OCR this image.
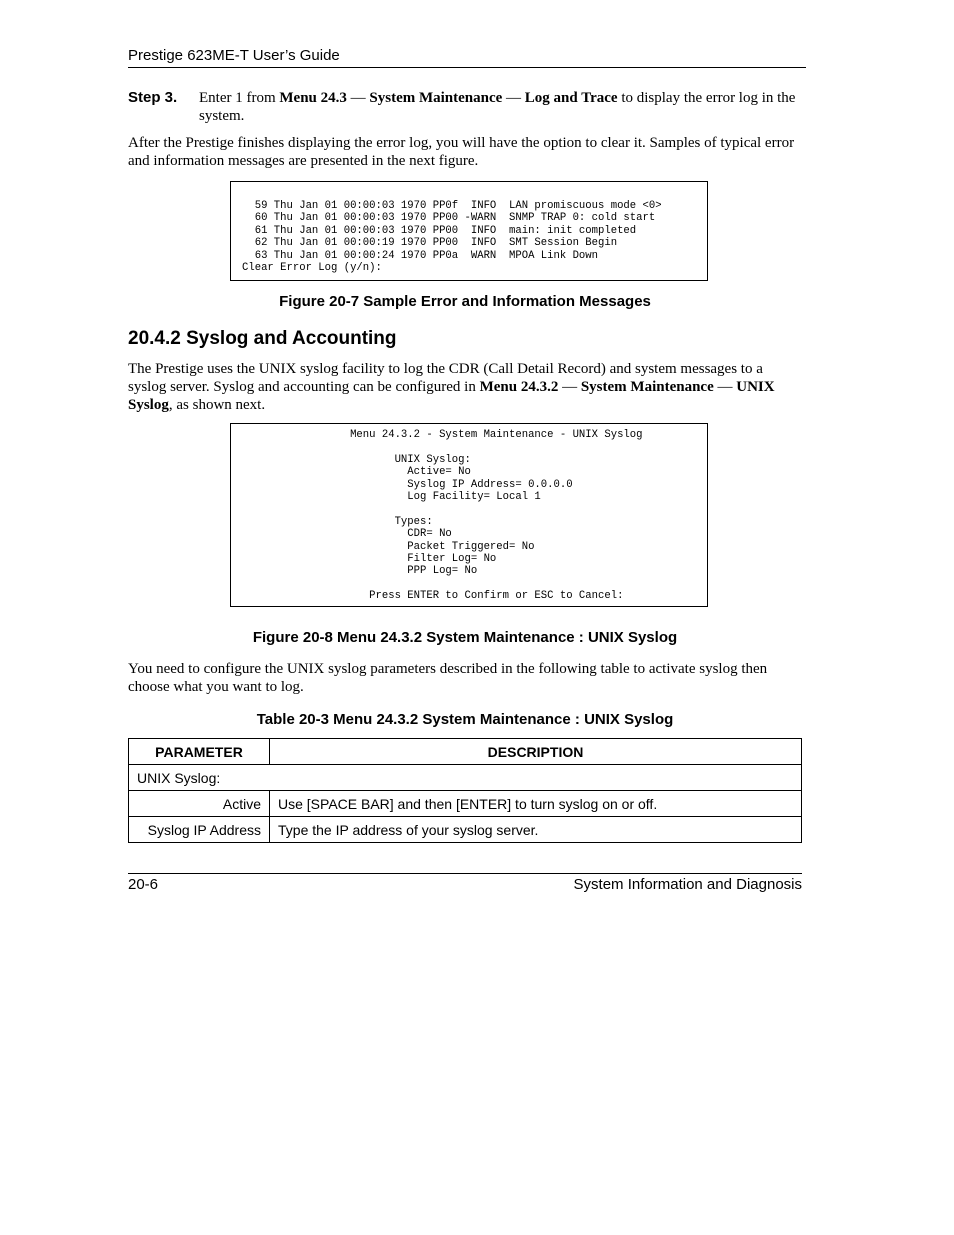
Prestige 623ME-T User’s Guide
Step 3. Enter 1 from Menu 24.3 — System Maintenance — Log and Trace to display the error log in the system.
After the Prestige finishes displaying the error log, you will have the option to clear it. Samples of typical error and information messages are presented in the next figure.
59 Thu Jan 01 00:00:03 1970 PP0f  INFO  LAN promiscuous mode <0>
60 Thu Jan 01 00:00:03 1970 PP00 -WARN  SNMP TRAP 0: cold start
61 Thu Jan 01 00:00:03 1970 PP00  INFO  main: init completed
62 Thu Jan 01 00:00:19 1970 PP00  INFO  SMT Session Begin
63 Thu Jan 01 00:00:24 1970 PP0a  WARN  MPOA Link Down
Clear Error Log (y/n):
Figure 20-7 Sample Error and Information Messages
20.4.2 Syslog and Accounting
The Prestige uses the UNIX syslog facility to log the CDR (Call Detail Record) and system messages to a syslog server. Syslog and accounting can be configured in Menu 24.3.2 — System Maintenance — UNIX Syslog, as shown next.
Menu 24.3.2 - System Maintenance - UNIX Syslog

UNIX Syslog:
Active= No
Syslog IP Address= 0.0.0.0
Log Facility= Local 1

Types:
CDR= No
Packet Triggered= No
Filter Log= No
PPP Log= No

Press ENTER to Confirm or ESC to Cancel:
Figure 20-8 Menu 24.3.2 System Maintenance : UNIX Syslog
You need to configure the UNIX syslog parameters described in the following table to activate syslog then choose what you want to log.
Table 20-3 Menu 24.3.2 System Maintenance : UNIX Syslog
PARAMETER	DESCRIPTION
UNIX Syslog:	
Active	Use [SPACE BAR] and then [ENTER] to turn syslog on or off.
Syslog IP Address	Type the IP address of your syslog server.
20-6	System Information and Diagnosis
